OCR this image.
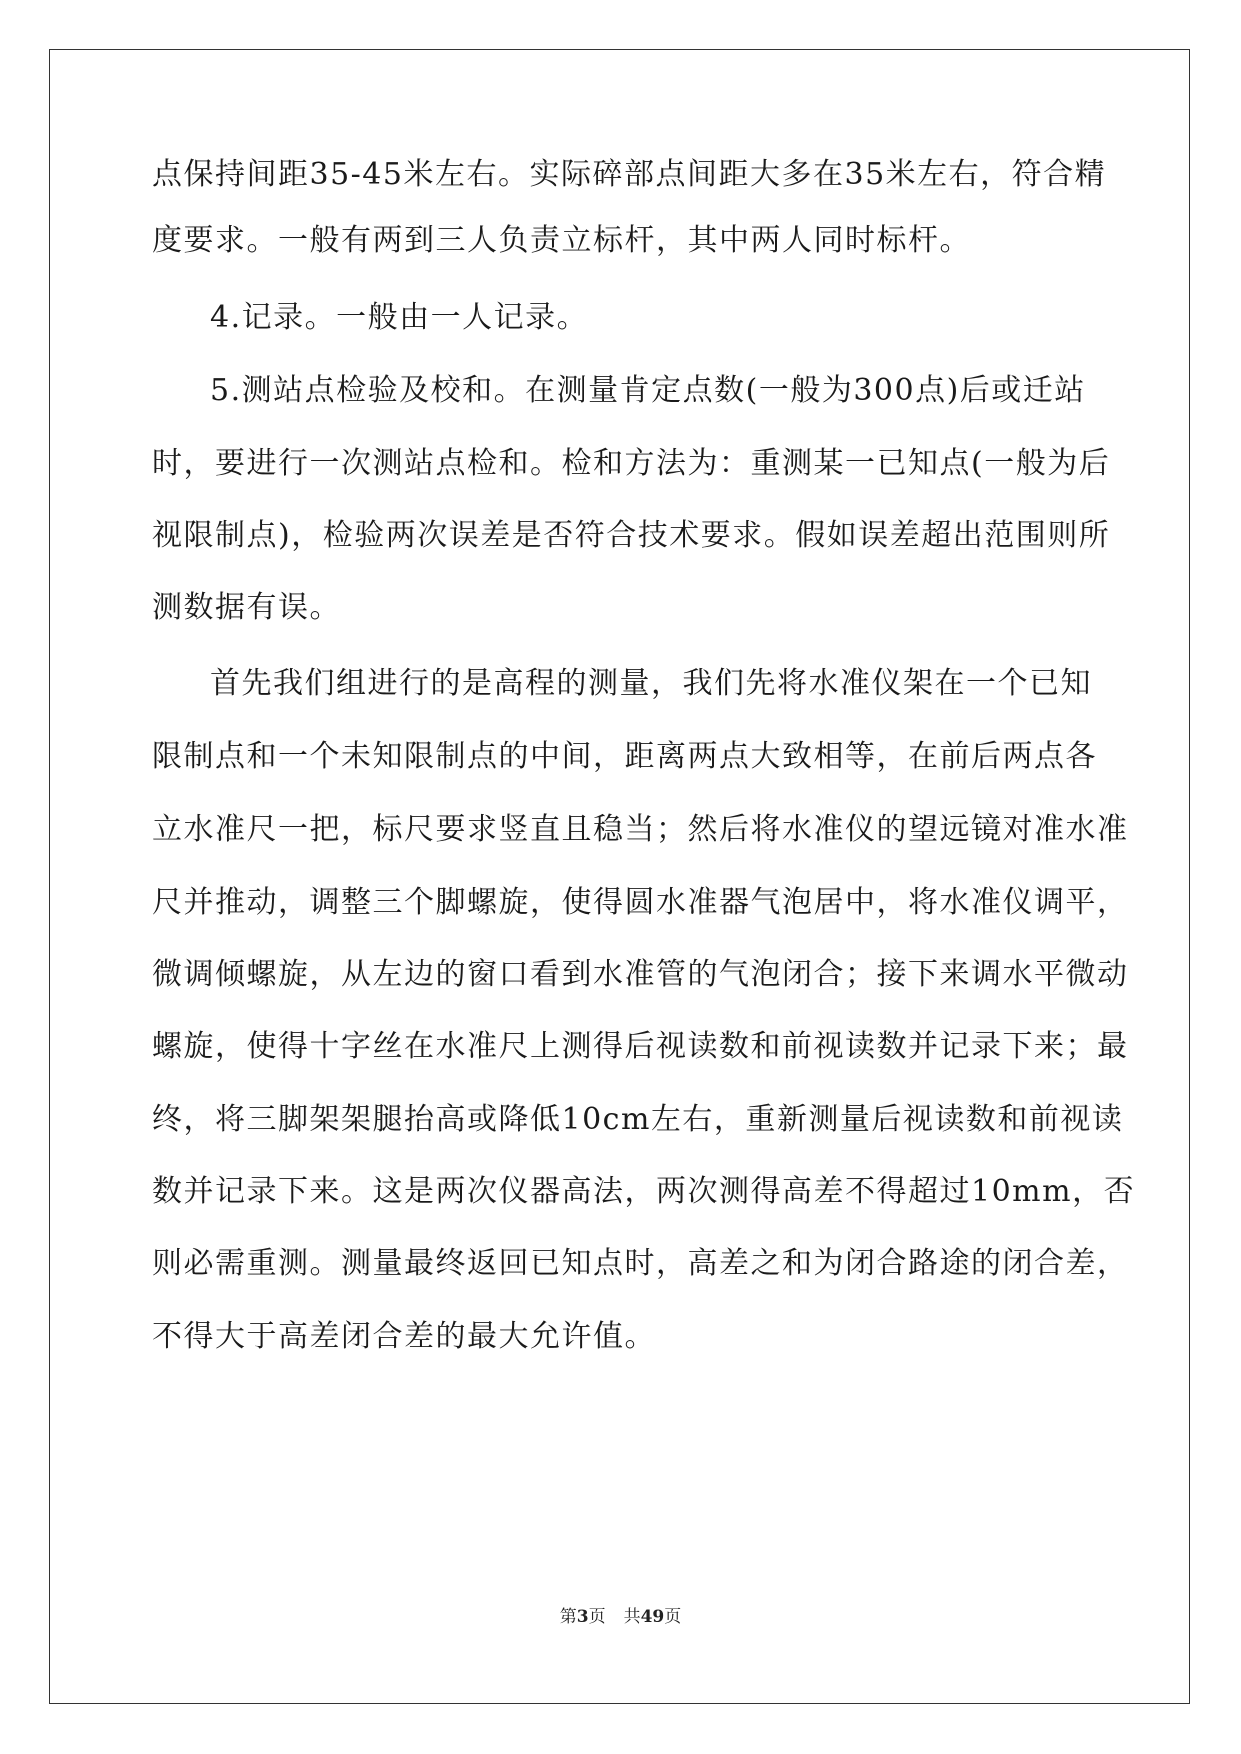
点保持间距35-45米左右。实际碎部点间距大多在35米左右，符合精
度要求。一般有两到三人负责立标杆，其中两人同时标杆。
4.记录。一般由一人记录。
5.测站点检验及校和。在测量肯定点数(一般为300点)后或迁站
时，要进行一次测站点检和。检和方法为：重测某一已知点(一般为后
视限制点)，检验两次误差是否符合技术要求。假如误差超出范围则所
测数据有误。
首先我们组进行的是高程的测量，我们先将水准仪架在一个已知
限制点和一个未知限制点的中间，距离两点大致相等，在前后两点各
立水准尺一把，标尺要求竖直且稳当；然后将水准仪的望远镜对准水准
尺并推动，调整三个脚螺旋，使得圆水准器气泡居中，将水准仪调平，
微调倾螺旋，从左边的窗口看到水准管的气泡闭合；接下来调水平微动
螺旋，使得十字丝在水准尺上测得后视读数和前视读数并记录下来；最
终，将三脚架架腿抬高或降低10cm左右，重新测量后视读数和前视读
数并记录下来。这是两次仪器高法，两次测得高差不得超过10mm，否
则必需重测。测量最终返回已知点时，高差之和为闭合路途的闭合差，
不得大于高差闭合差的最大允许值。
第3页 共49页
